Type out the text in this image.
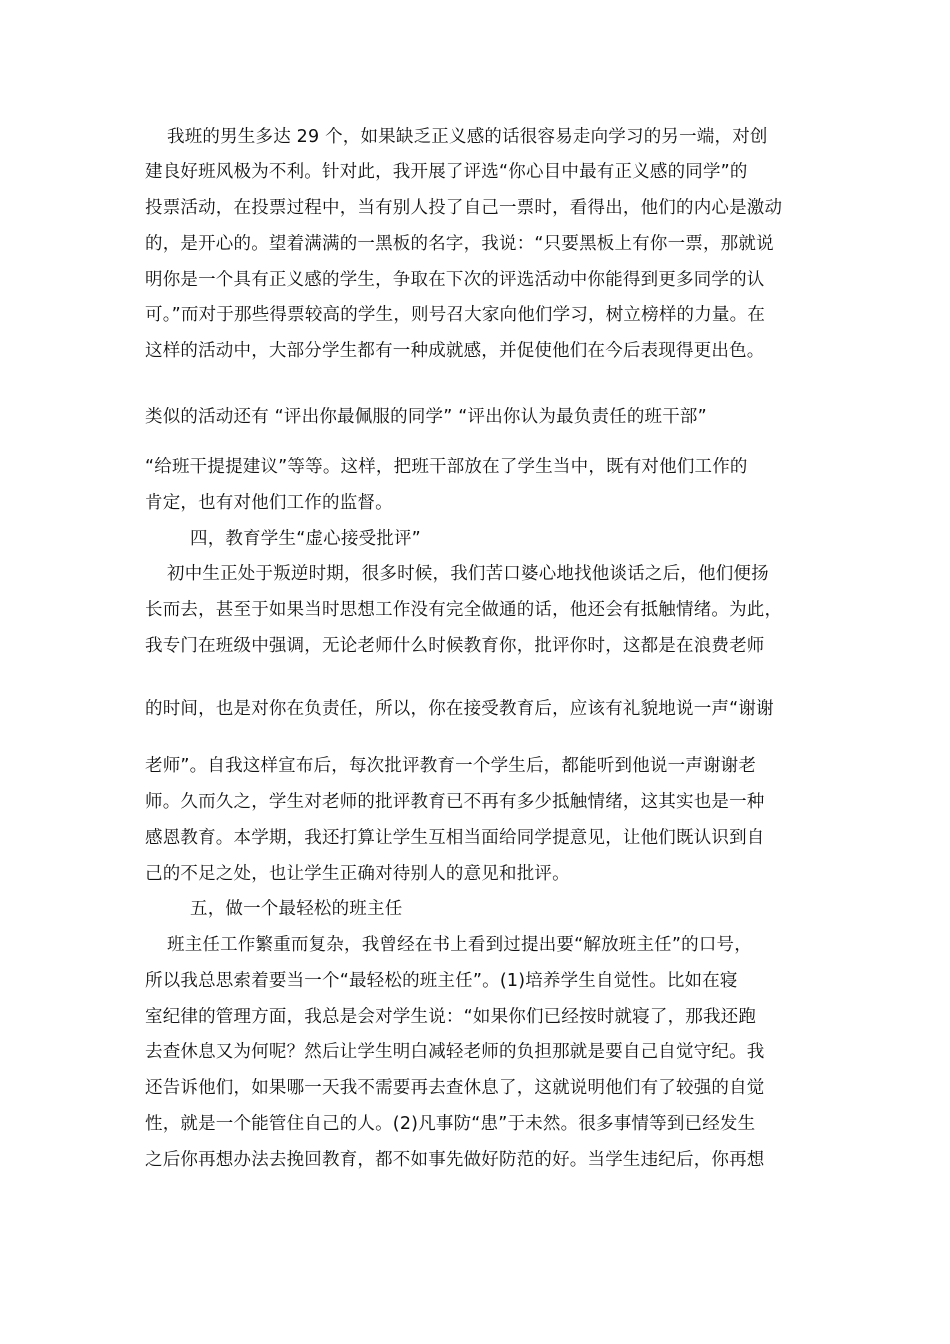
我班的男生多达 29 个，如果缺乏正义感的话很容易走向学习的另一端，对创
建良好班风极为不利。针对此，我开展了评选“你心目中最有正义感的同学”的
投票活动，在投票过程中，当有别人投了自己一票时，看得出，他们的内心是激动
的，是开心的。望着满满的一黑板的名字，我说：“只要黑板上有你一票，那就说
明你是一个具有正义感的学生，争取在下次的评选活动中你能得到更多同学的认
可。”而对于那些得票较高的学生，则号召大家向他们学习，树立榜样的力量。在
这样的活动中，大部分学生都有一种成就感，并促使他们在今后表现得更出色。
类似的活动还有 “评出你最佩服的同学” “评出你认为最负责任的班干部”
“给班干提提建议”等等。这样，把班干部放在了学生当中，既有对他们工作的
肯定，也有对他们工作的监督。
四，教育学生“虚心接受批评”
初中生正处于叛逆时期，很多时候，我们苦口婆心地找他谈话之后，他们便扬
长而去，甚至于如果当时思想工作没有完全做通的话，他还会有抵触情绪。为此，
我专门在班级中强调，无论老师什么时候教育你，批评你时，这都是在浪费老师
的时间，也是对你在负责任，所以，你在接受教育后，应该有礼貌地说一声“谢谢
老师”。自我这样宣布后，每次批评教育一个学生后，都能听到他说一声谢谢老
师。久而久之，学生对老师的批评教育已不再有多少抵触情绪，这其实也是一种
感恩教育。本学期，我还打算让学生互相当面给同学提意见，让他们既认识到自
己的不足之处，也让学生正确对待别人的意见和批评。
五，做一个最轻松的班主任
班主任工作繁重而复杂，我曾经在书上看到过提出要“解放班主任”的口号，
所以我总思索着要当一个“最轻松的班主任”。(1)培养学生自觉性。比如在寝
室纪律的管理方面，我总是会对学生说：“如果你们已经按时就寝了，那我还跑
去查休息又为何呢？然后让学生明白减轻老师的负担那就是要自己自觉守纪。我
还告诉他们，如果哪一天我不需要再去查休息了，这就说明他们有了较强的自觉
性，就是一个能管住自己的人。(2)凡事防“患”于未然。很多事情等到已经发生
之后你再想办法去挽回教育，都不如事先做好防范的好。当学生违纪后，你再想
